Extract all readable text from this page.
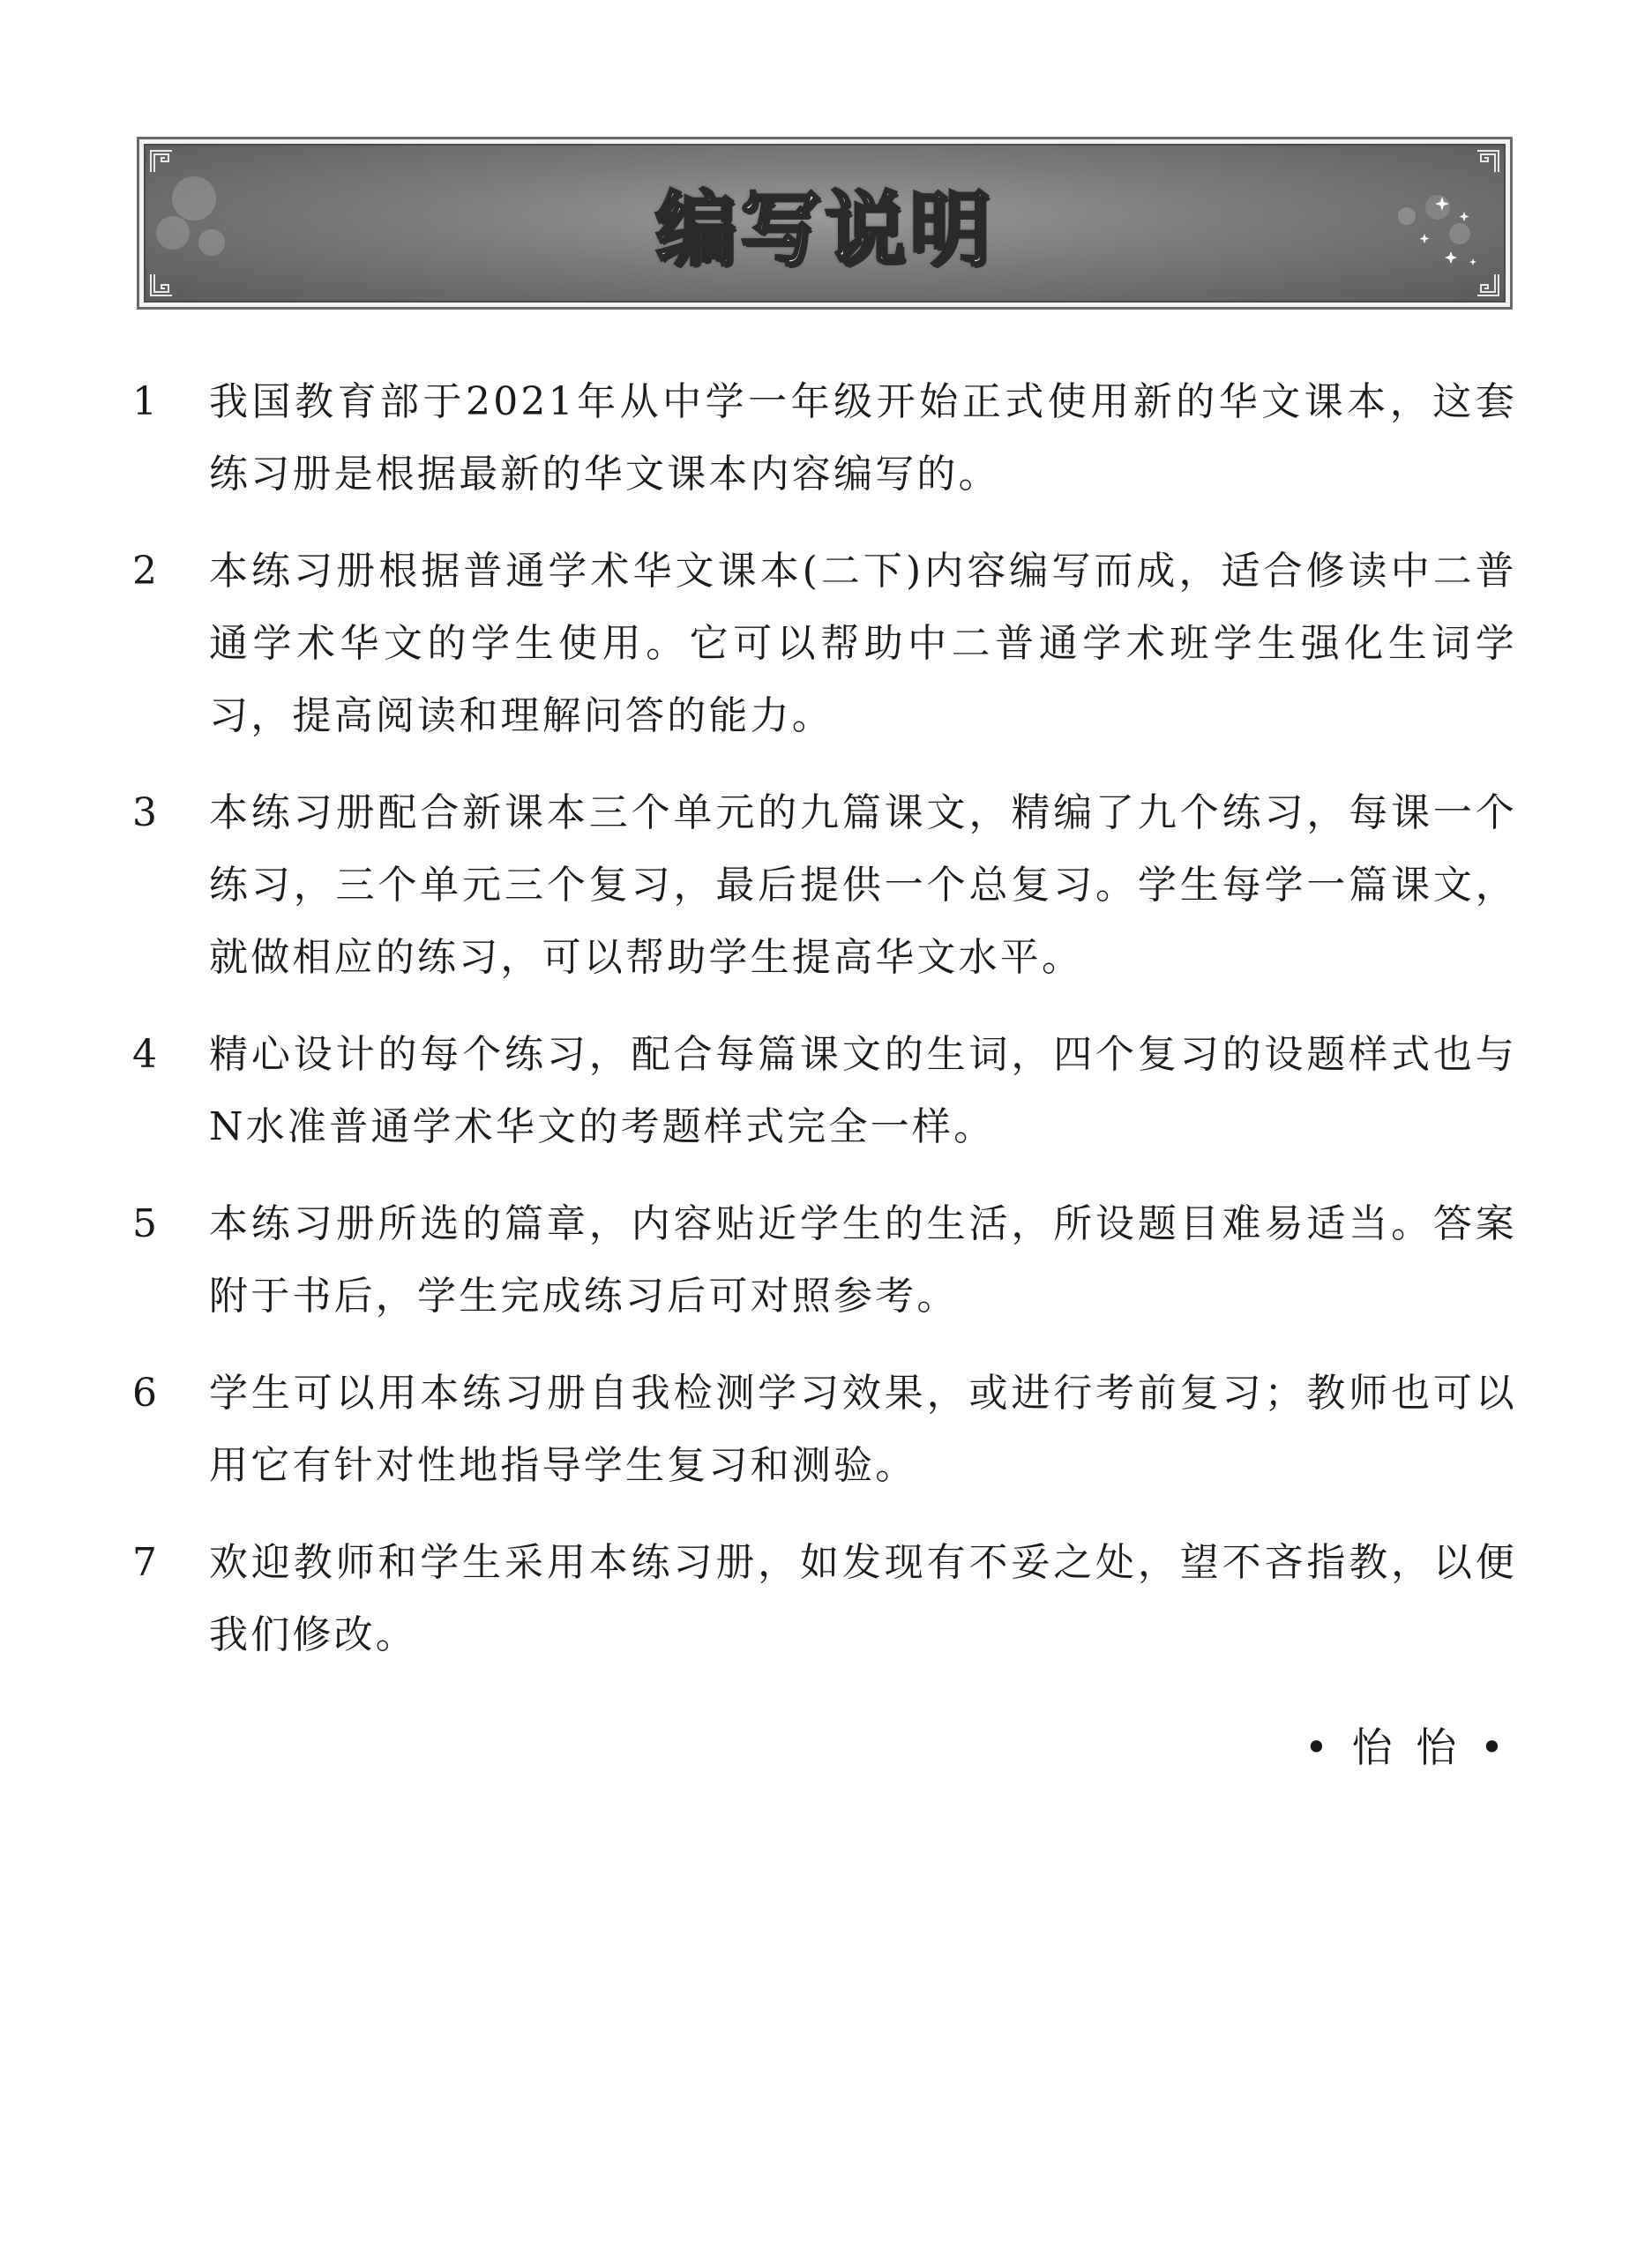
编写说明
1	我国教育部于2021年从中学一年级开始正式使用新的华文课本，这套练习册是根据最新的华文课本内容编写的。
2	本练习册根据普通学术华文课本(二下)内容编写而成，适合修读中二普通学术华文的学生使用。它可以帮助中二普通学术班学生强化生词学习，提高阅读和理解问答的能力。
3	本练习册配合新课本三个单元的九篇课文，精编了九个练习，每课一个练习，三个单元三个复习，最后提供一个总复习。学生每学一篇课文，就做相应的练习，可以帮助学生提高华文水平。
4	精心设计的每个练习，配合每篇课文的生词，四个复习的设题样式也与N水准普通学术华文的考题样式完全一样。
5	本练习册所选的篇章，内容贴近学生的生活，所设题目难易适当。答案附于书后，学生完成练习后可对照参考。
6	学生可以用本练习册自我检测学习效果，或进行考前复习；教师也可以用它有针对性地指导学生复习和测验。
7	欢迎教师和学生采用本练习册，如发现有不妥之处，望不吝指教，以便我们修改。
• 怡 怡 •
